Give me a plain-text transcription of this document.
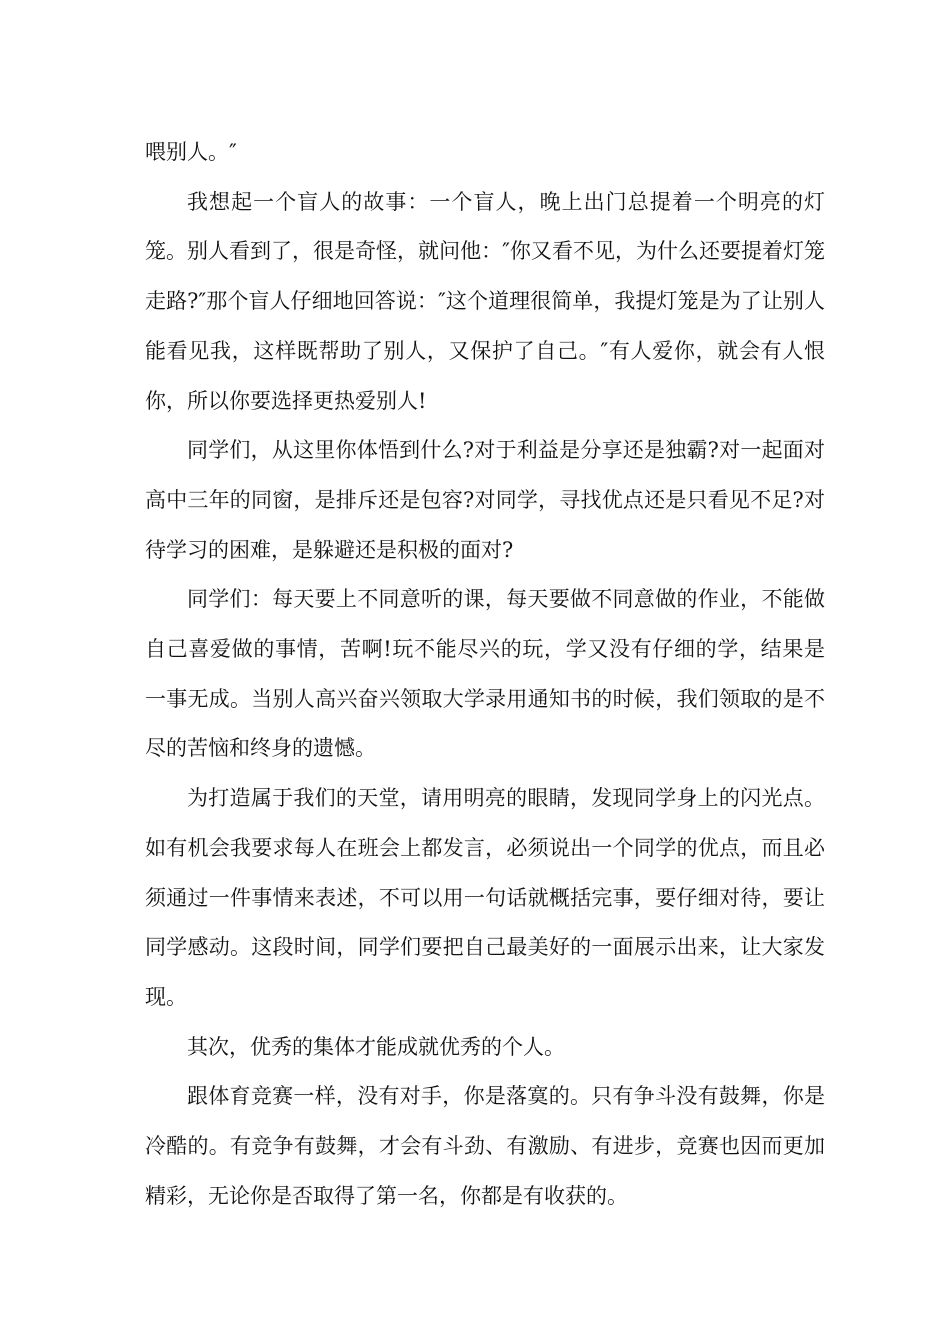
喂别人。″

我想起一个盲人的故事：一个盲人，晚上出门总提着一个明亮的灯笼。别人看到了，很是奇怪，就问他：″你又看不见，为什么还要提着灯笼走路?″那个盲人仔细地回答说：″这个道理很简单，我提灯笼是为了让别人能看见我，这样既帮助了别人，又保护了自己。″有人爱你，就会有人恨你，所以你要选择更热爱别人!

同学们，从这里你体悟到什么?对于利益是分享还是独霸?对一起面对高中三年的同窗，是排斥还是包容?对同学，寻找优点还是只看见不足?对待学习的困难，是躲避还是积极的面对?

同学们：每天要上不同意听的课，每天要做不同意做的作业，不能做自己喜爱做的事情，苦啊!玩不能尽兴的玩，学又没有仔细的学，结果是一事无成。当别人高兴奋兴领取大学录用通知书的时候，我们领取的是不尽的苦恼和终身的遗憾。

为打造属于我们的天堂，请用明亮的眼睛，发现同学身上的闪光点。如有机会我要求每人在班会上都发言，必须说出一个同学的优点，而且必须通过一件事情来表述，不可以用一句话就概括完事，要仔细对待，要让同学感动。这段时间，同学们要把自己最美好的一面展示出来，让大家发现。

其次，优秀的集体才能成就优秀的个人。

跟体育竞赛一样，没有对手，你是落寞的。只有争斗没有鼓舞，你是冷酷的。有竞争有鼓舞，才会有斗劲、有激励、有进步，竞赛也因而更加精彩，无论你是否取得了第一名，你都是有收获的。
